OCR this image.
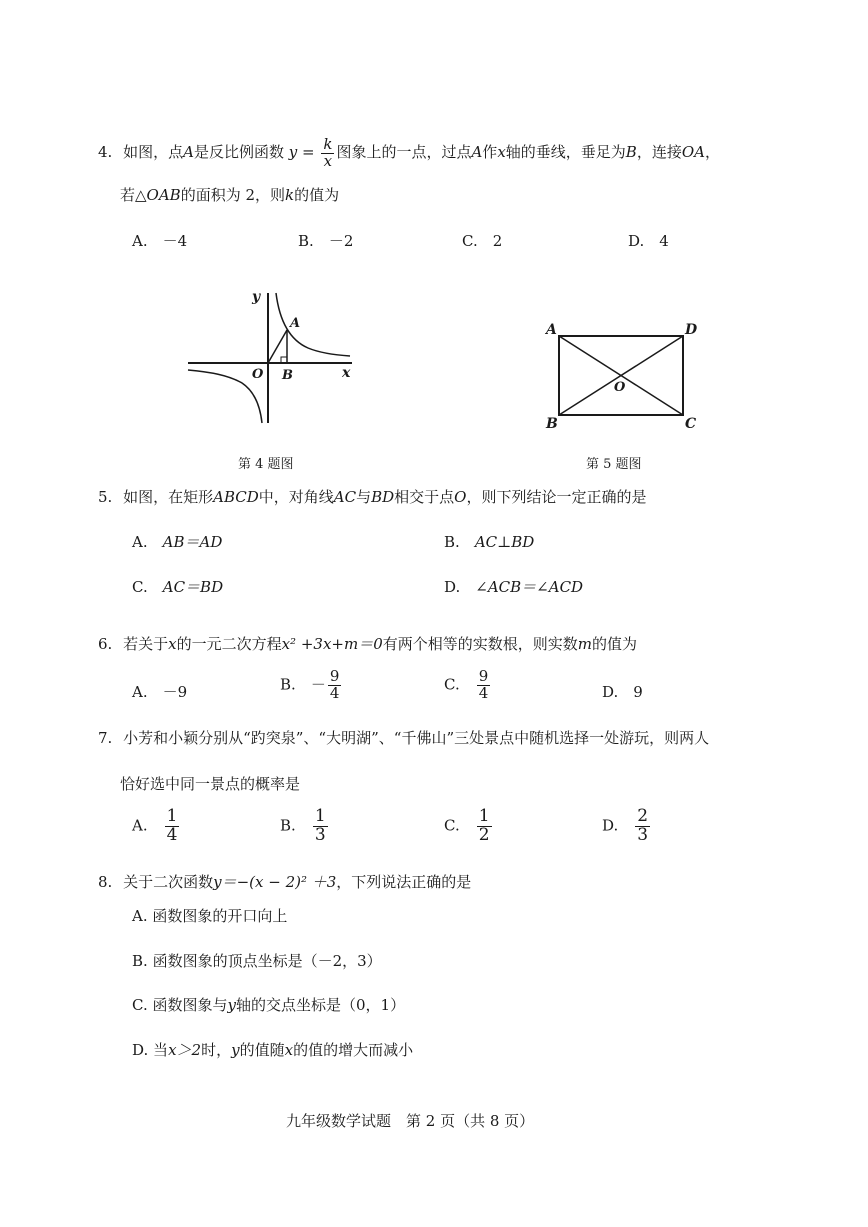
4. 如图，点A是反比例函数 $y = \frac{k}{x}$ 图象上的一点，过点A作x轴的垂线，垂足为B，连接OA，
若△OAB的面积为 2，则k的值为
A.　 －4	B.　 －2	C.　 2	D.　 4
y
x
O
A
B
第 4 题图
A	D
B	C
O
第 5 题图
5. 如图，在矩形ABCD中，对角线AC与BD相交于点O，则下列结论一定正确的是
A.　 AB＝AD	B.　 AC⊥BD
C.　 AC＝BD	D.　 ∠ACB＝∠ACD
6. 若关于x的一元二次方程x² +3x+m＝0有两个相等的实数根，则实数m的值为
A.　 －9	B.　 － $\frac{9}{4}$	C.　 $\frac{9}{4}$	D.　 9
7. 小芳和小颖分别从“趵突泉”、“大明湖”、“千佛山”三处景点中随机选择一处游玩，则两人
恰好选中同一景点的概率是
A.　 $\frac{1}{4}$	B.　 $\frac{1}{3}$	C.　 $\frac{1}{2}$	D.　 $\frac{2}{3}$
8. 关于二次函数y＝−(x − 2)² ＋3，下列说法正确的是
A. 函数图象的开口向上
B. 函数图象的顶点坐标是（－2，3）
C. 函数图象与y轴的交点坐标是（0，1）
D. 当x＞2时，y的值随x的值的增大而减小
九年级数学试题　第 2 页（共 8 页）
